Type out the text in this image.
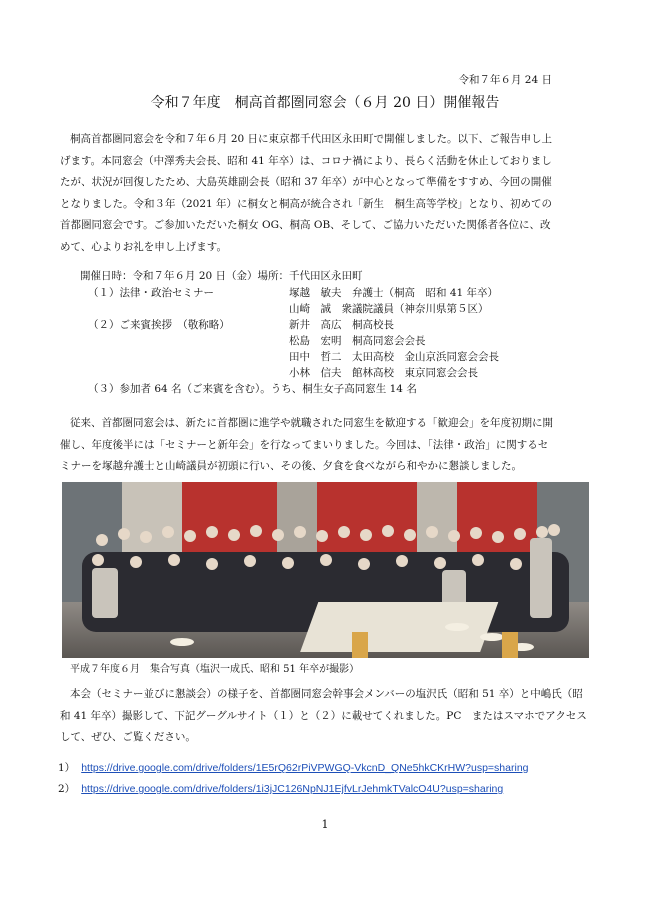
令和７年６月 24 日
令和７年度　桐高首都圏同窓会（６月 20 日）開催報告
桐高首都圏同窓会を令和７年６月 20 日に東京都千代田区永田町で開催しました。以下、ご報告申し上
げます。本同窓会（中澤秀夫会長、昭和 41 年卒）は、コロナ禍により、長らく活動を休止しておりまし
たが、状況が回復したため、大島英雄副会長（昭和 37 年卒）が中心となって準備をすすめ、今回の開催
となりました。令和３年（2021 年）に桐女と桐高が統合され「新生　桐生高等学校」となり、初めての
首都圏同窓会です。ご参加いただいた桐女 OG、桐高 OB、そして、ご協力いただいた関係者各位に、改
めて、心よりお礼を申し上げます。
開催日時：令和７年６月 20 日（金）場所：千代田区永田町
（１）法律・政治セミナー	塚越　敏夫　弁護士（桐高　昭和 41 年卒）
山崎　誠　衆議院議員（神奈川県第５区）
（２）ご来賓挨拶　（敬称略）	新井　高広　桐高校長
松島　宏明　桐高同窓会会長
田中　哲二　太田高校　金山京浜同窓会会長
小林　信夫　館林高校　東京同窓会会長
（３）参加者 64 名（ご来賓を含む）。うち、桐生女子高同窓生 14 名
従来、首都圏同窓会は、新たに首都圏に進学や就職された同窓生を歓迎する「歓迎会」を年度初期に開
催し、年度後半には「セミナーと新年会」を行なってまいりました。今回は、「法律・政治」に関するセ
ミナーを塚越弁護士と山崎議員が初頭に行い、その後、夕食を食べながら和やかに懇談しました。
平成７年度６月　集合写真（塩沢一成氏、昭和 51 年卒が撮影）
本会（セミナー並びに懇談会）の様子を、首都圏同窓会幹事会メンバーの塩沢氏（昭和 51 卒）と中嶋氏（昭
和 41 年卒）撮影して、下記グーグルサイト（１）と（２）に載せてくれました。PC　またはスマホでアクセス
して、ぜひ、ご覧ください。
1） https://drive.google.com/drive/folders/1E5rQ62rPiVPWGQ-VkcnD_QNe5hkCKrHW?usp=sharing
2） https://drive.google.com/drive/folders/1i3jJC126NpNJ1EjfvLrJehmkTValcO4U?usp=sharing
1
